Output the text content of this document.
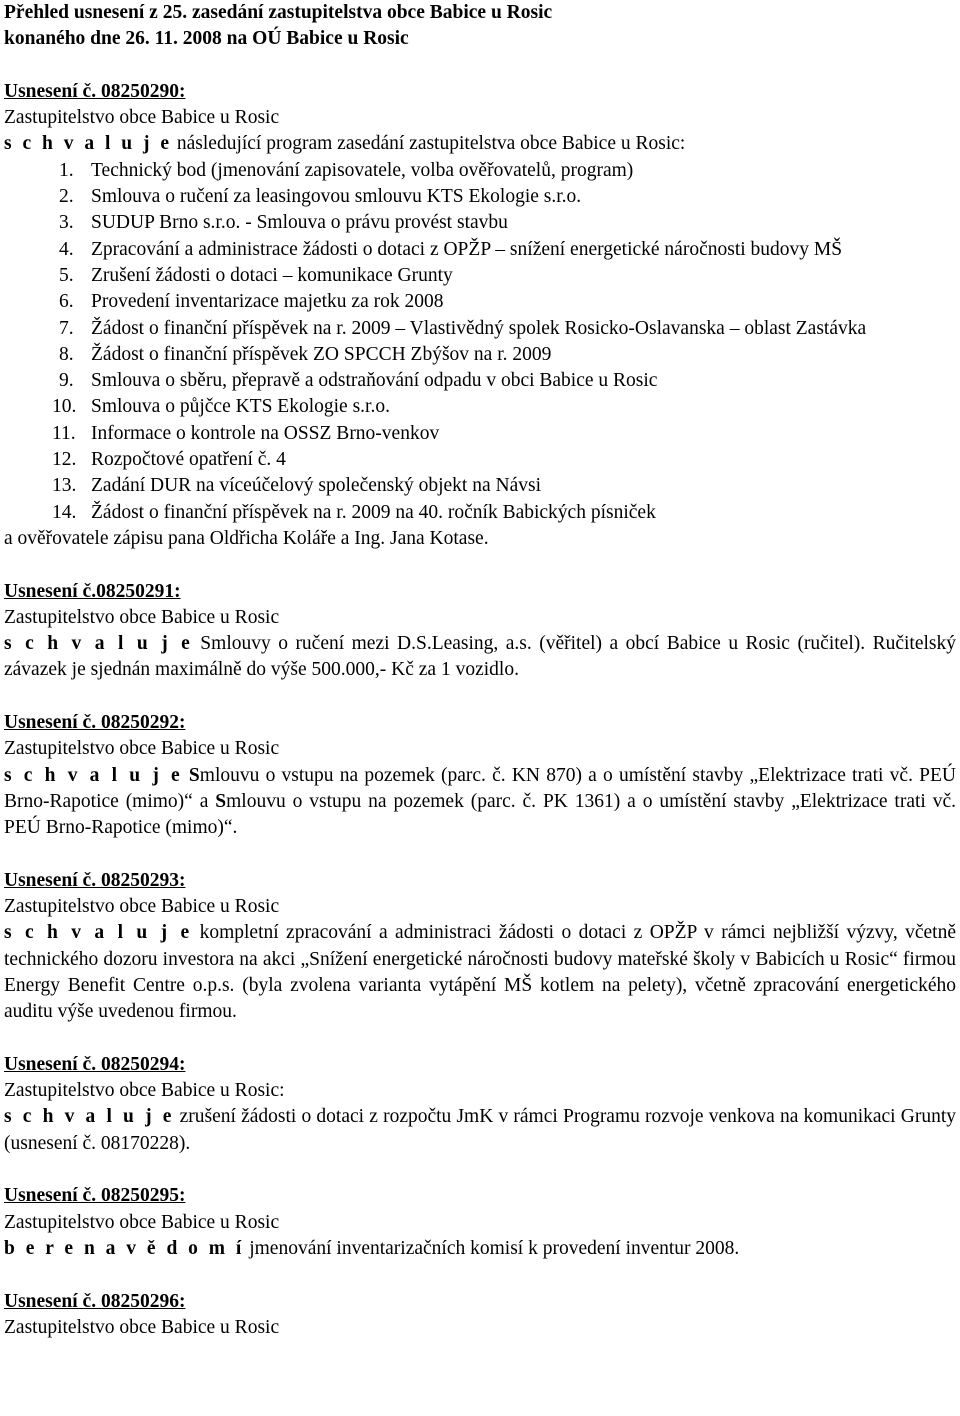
Přehled usnesení z 25. zasedání zastupitelstva obce Babice u Rosic
konaného dne 26. 11. 2008 na OÚ Babice u Rosic
Usnesení č. 08250290:
Zastupitelstvo obce Babice u Rosic
s c h v a l u j e následující program zasedání zastupitelstva obce Babice u Rosic:
1. Technický bod (jmenování zapisovatele, volba ověřovatelů, program)
2. Smlouva o ručení za leasingovou smlouvu KTS Ekologie s.r.o.
3. SUDUP Brno s.r.o. - Smlouva o právu provést stavbu
4. Zpracování a administrace žádosti o dotaci z OPŽP – snížení energetické náročnosti budovy MŠ
5. Zrušení žádosti o dotaci – komunikace Grunty
6. Provedení inventarizace majetku za rok 2008
7. Žádost o finanční příspěvek na r. 2009 – Vlastivědný spolek Rosicko-Oslavanska – oblast Zastávka
8. Žádost o finanční příspěvek ZO SPCCH Zbýšov na r. 2009
9. Smlouva o sběru, přepravě a odstraňování odpadu v obci Babice u Rosic
10. Smlouva o půjčce KTS Ekologie s.r.o.
11. Informace o kontrole na OSSZ Brno-venkov
12. Rozpočtové opatření č. 4
13. Zadání DUR na víceúčelový společenský objekt na Návsi
14. Žádost o finanční příspěvek na r. 2009 na 40. ročník Babických písniček
a ověřovatele zápisu pana Oldřicha Koláře a Ing. Jana Kotase.
Usnesení č.08250291:
Zastupitelstvo obce Babice u Rosic
s c h v a l u j e Smlouvy o ručení mezi D.S.Leasing, a.s. (věřitel) a obcí Babice u Rosic (ručitel). Ručitelský závazek je sjednán maximálně do výše 500.000,- Kč za 1 vozidlo.
Usnesení č. 08250292:
Zastupitelstvo obce Babice u Rosic
s c h v a l u j e Smlouvu o vstupu na pozemek (parc. č. KN 870) a o umístění stavby „Elektrizace trati vč. PEÚ Brno-Rapotice (mimo)“ a Smlouvu o vstupu na pozemek (parc. č. PK 1361) a o umístění stavby „Elektrizace trati vč. PEÚ Brno-Rapotice (mimo)“.
Usnesení č. 08250293:
Zastupitelstvo obce Babice u Rosic
s c h v a l u j e kompletní zpracování a administraci žádosti o dotaci z OPŽP v rámci nejbližší výzvy, včetně technického dozoru investora na akci „Snížení energetické náročnosti budovy mateřské školy v Babicích u Rosic“ firmou Energy Benefit Centre o.p.s. (byla zvolena varianta vytápění MŠ kotlem na pelety), včetně zpracování energetického auditu výše uvedenou firmou.
Usnesení č. 08250294:
Zastupitelstvo obce Babice u Rosic:
s c h v a l u j e zrušení žádosti o dotaci z rozpočtu JmK v rámci Programu rozvoje venkova na komunikaci Grunty (usnesení č. 08170228).
Usnesení č. 08250295:
Zastupitelstvo obce Babice u Rosic
b e r e n a v ě d o m í jmenování inventarizačních komisí k provedení inventur 2008.
Usnesení č. 08250296:
Zastupitelstvo obce Babice u Rosic
